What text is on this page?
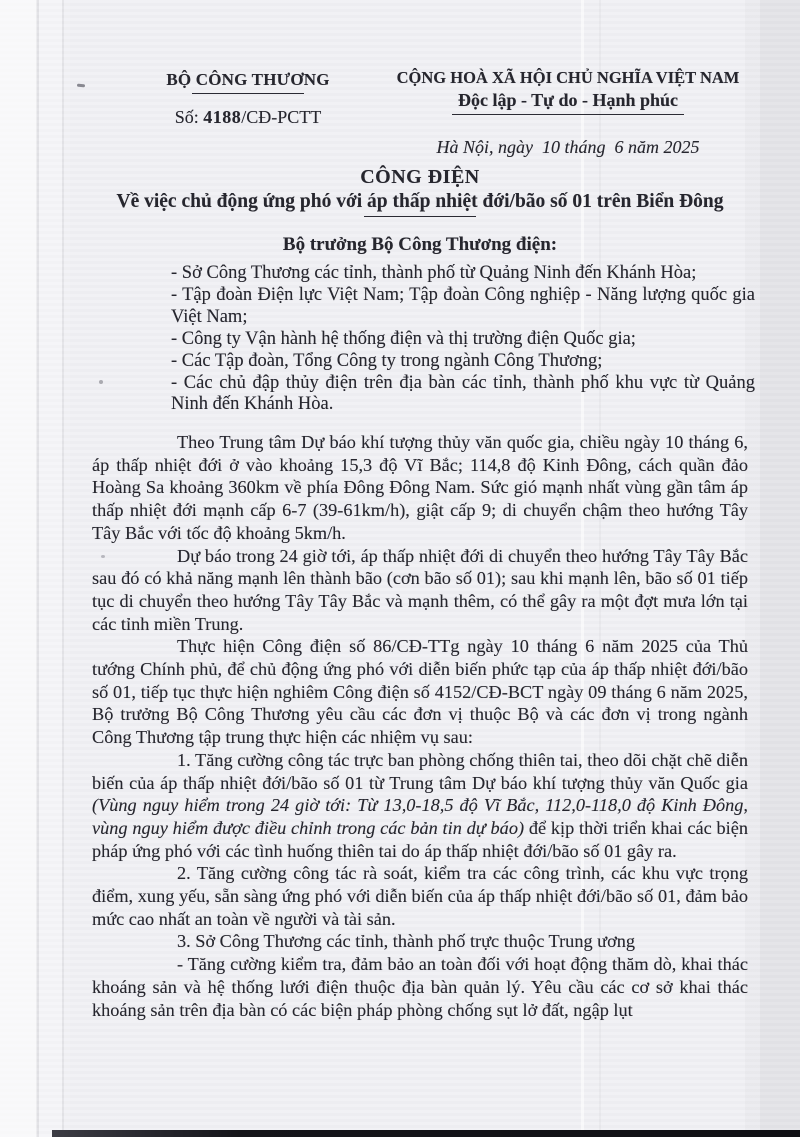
BỘ CÔNG THƯƠNG
Số: 4188/CĐ-PCTT
CỘNG HOÀ XÃ HỘI CHỦ NGHĨA VIỆT NAM
Độc lập - Tự do - Hạnh phúc
Hà Nội, ngày  10 tháng  6 năm 2025
CÔNG ĐIỆN
Về việc chủ động ứng phó với áp thấp nhiệt đới/bão số 01 trên Biển Đông
Bộ trưởng Bộ Công Thương điện:
- Sở Công Thương các tỉnh, thành phố từ Quảng Ninh đến Khánh Hòa;
- Tập đoàn Điện lực Việt Nam; Tập đoàn Công nghiệp - Năng lượng quốc gia Việt Nam;
- Công ty Vận hành hệ thống điện và thị trường điện Quốc gia;
- Các Tập đoàn, Tổng Công ty trong ngành Công Thương;
- Các chủ đập thủy điện trên địa bàn các tỉnh, thành phố khu vực từ Quảng Ninh đến Khánh Hòa.

Theo Trung tâm Dự báo khí tượng thủy văn quốc gia, chiều ngày 10 tháng 6, áp thấp nhiệt đới ở vào khoảng 15,3 độ Vĩ Bắc; 114,8 độ Kinh Đông, cách quần đảo Hoàng Sa khoảng 360km về phía Đông Đông Nam. Sức gió mạnh nhất vùng gần tâm áp thấp nhiệt đới mạnh cấp 6-7 (39-61km/h), giật cấp 9; di chuyển chậm theo hướng Tây Tây Bắc với tốc độ khoảng 5km/h.

Dự báo trong 24 giờ tới, áp thấp nhiệt đới di chuyển theo hướng Tây Tây Bắc sau đó có khả năng mạnh lên thành bão (cơn bão số 01); sau khi mạnh lên, bão số 01 tiếp tục di chuyển theo hướng Tây Tây Bắc và mạnh thêm, có thể gây ra một đợt mưa lớn tại các tỉnh miền Trung.

Thực hiện Công điện số 86/CĐ-TTg ngày 10 tháng 6 năm 2025 của Thủ tướng Chính phủ, để chủ động ứng phó với diễn biến phức tạp của áp thấp nhiệt đới/bão số 01, tiếp tục thực hiện nghiêm Công điện số 4152/CĐ-BCT ngày 09 tháng 6 năm 2025, Bộ trưởng Bộ Công Thương yêu cầu các đơn vị thuộc Bộ và các đơn vị trong ngành Công Thương tập trung thực hiện các nhiệm vụ sau:

1. Tăng cường công tác trực ban phòng chống thiên tai, theo dõi chặt chẽ diễn biến của áp thấp nhiệt đới/bão số 01 từ Trung tâm Dự báo khí tượng thủy văn Quốc gia (Vùng nguy hiểm trong 24 giờ tới: Từ 13,0-18,5 độ Vĩ Bắc, 112,0-118,0 độ Kinh Đông, vùng nguy hiểm được điều chỉnh trong các bản tin dự báo) để kịp thời triển khai các biện pháp ứng phó với các tình huống thiên tai do áp thấp nhiệt đới/bão số 01 gây ra.

2. Tăng cường công tác rà soát, kiểm tra các công trình, các khu vực trọng điểm, xung yếu, sẵn sàng ứng phó với diễn biến của áp thấp nhiệt đới/bão số 01, đảm bảo mức cao nhất an toàn về người và tài sản.

3. Sở Công Thương các tỉnh, thành phố trực thuộc Trung ương

- Tăng cường kiểm tra, đảm bảo an toàn đối với hoạt động thăm dò, khai thác khoáng sản và hệ thống lưới điện thuộc địa bàn quản lý. Yêu cầu các cơ sở khai thác khoáng sản trên địa bàn có các biện pháp phòng chống sụt lở đất, ngập lụt
